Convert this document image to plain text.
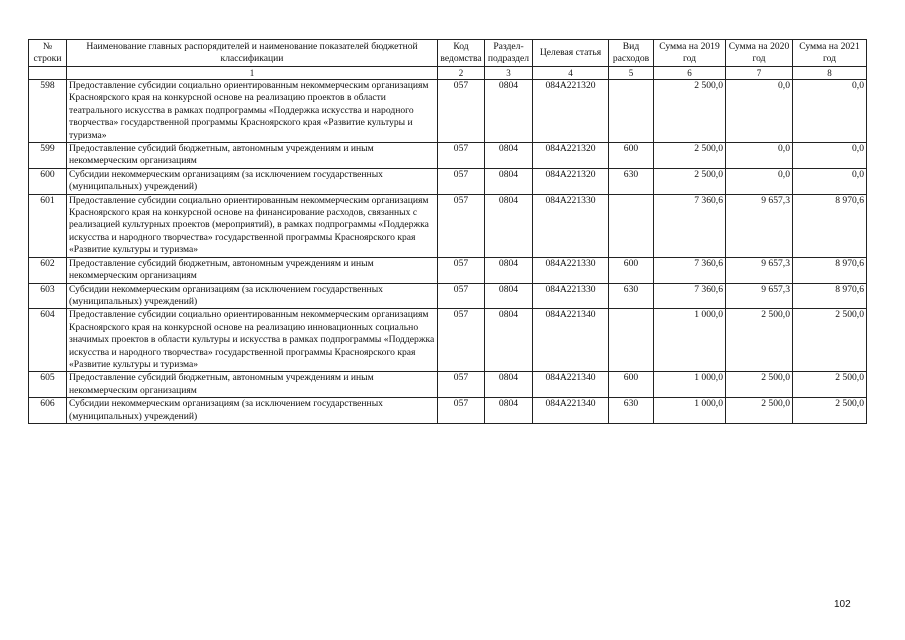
№ строки	Наименование главных распорядителей и наименование показателей бюджетной классификации	Код ведомства	Раздел-подраздел	Целевая статья	Вид расходов	Сумма на 2019 год	Сумма на 2020 год	Сумма на 2021 год
	1	2	3	4	5	6	7	8
598	Предоставление субсидии социально ориентированным некоммерческим организациям Красноярского края на конкурсной основе на реализацию проектов в области театрального искусства в рамках подпрограммы «Поддержка искусства и народного творчества» государственной программы Красноярского края «Развитие культуры и туризма»	057	0804	084A221320		2 500,0	0,0	0,0
599	Предоставление субсидий бюджетным, автономным учреждениям и иным некоммерческим организациям	057	0804	084A221320	600	2 500,0	0,0	0,0
600	Субсидии некоммерческим организациям (за исключением государственных (муниципальных) учреждений)	057	0804	084A221320	630	2 500,0	0,0	0,0
601	Предоставление субсидии социально ориентированным некоммерческим организациям Красноярского края на конкурсной основе на финансирование расходов, связанных с реализацией культурных проектов (мероприятий), в рамках подпрограммы «Поддержка искусства и народного творчества» государственной программы Красноярского края «Развитие культуры и туризма»	057	0804	084A221330		7 360,6	9 657,3	8 970,6
602	Предоставление субсидий бюджетным, автономным учреждениям и иным некоммерческим организациям	057	0804	084A221330	600	7 360,6	9 657,3	8 970,6
603	Субсидии некоммерческим организациям (за исключением государственных (муниципальных) учреждений)	057	0804	084A221330	630	7 360,6	9 657,3	8 970,6
604	Предоставление субсидии социально ориентированным некоммерческим организациям Красноярского края на конкурсной основе на реализацию инновационных социально значимых проектов в области культуры и искусства в рамках подпрограммы «Поддержка искусства и народного творчества» государственной программы Красноярского края «Развитие культуры и туризма»	057	0804	084A221340		1 000,0	2 500,0	2 500,0
605	Предоставление субсидий бюджетным, автономным учреждениям и иным некоммерческим организациям	057	0804	084A221340	600	1 000,0	2 500,0	2 500,0
606	Субсидии некоммерческим организациям (за исключением государственных (муниципальных) учреждений)	057	0804	084A221340	630	1 000,0	2 500,0	2 500,0
102
